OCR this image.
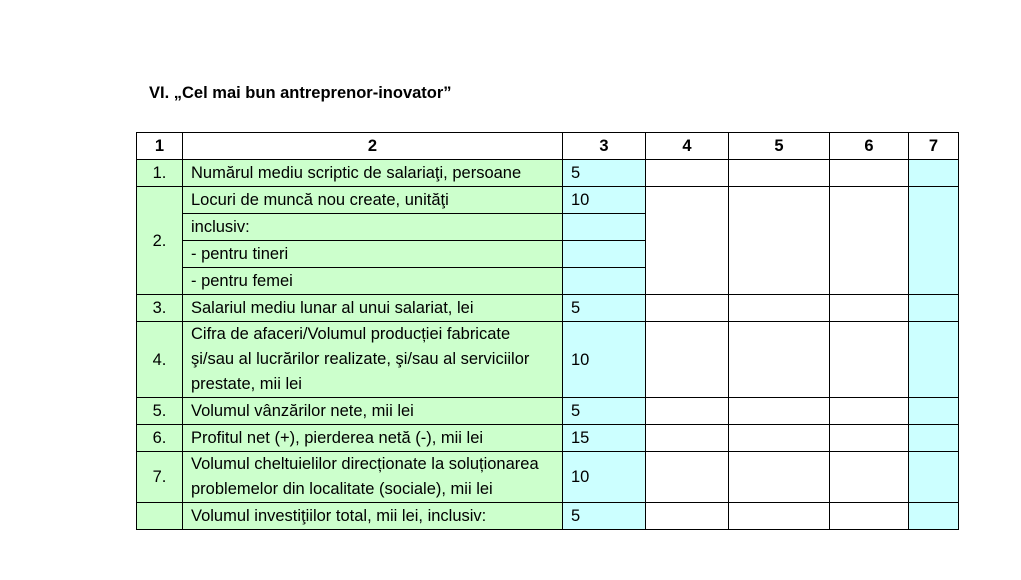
VI. „Cel mai bun antreprenor-inovator”
1	2	3	4	5	6	7
1.	Numărul mediu scriptic de salariaţi, persoane	5				
2.	Locuri de muncă nou create, unităţi	10				
	inclusiv:					
	- pentru tineri					
	- pentru femei					
3.	Salariul mediu lunar al unui salariat, lei	5				
4.	Cifra de afaceri/Volumul producției fabricate şi/sau al lucrărilor realizate, şi/sau al serviciilor prestate, mii lei	10				
5.	Volumul vânzărilor nete, mii lei	5				
6.	Profitul net (+), pierderea netă (-), mii lei	15				
7.	Volumul cheltuielilor direcționate la soluționarea problemelor din localitate (sociale), mii lei	10				
	Volumul investiţiilor total, mii lei, inclusiv:	5				
